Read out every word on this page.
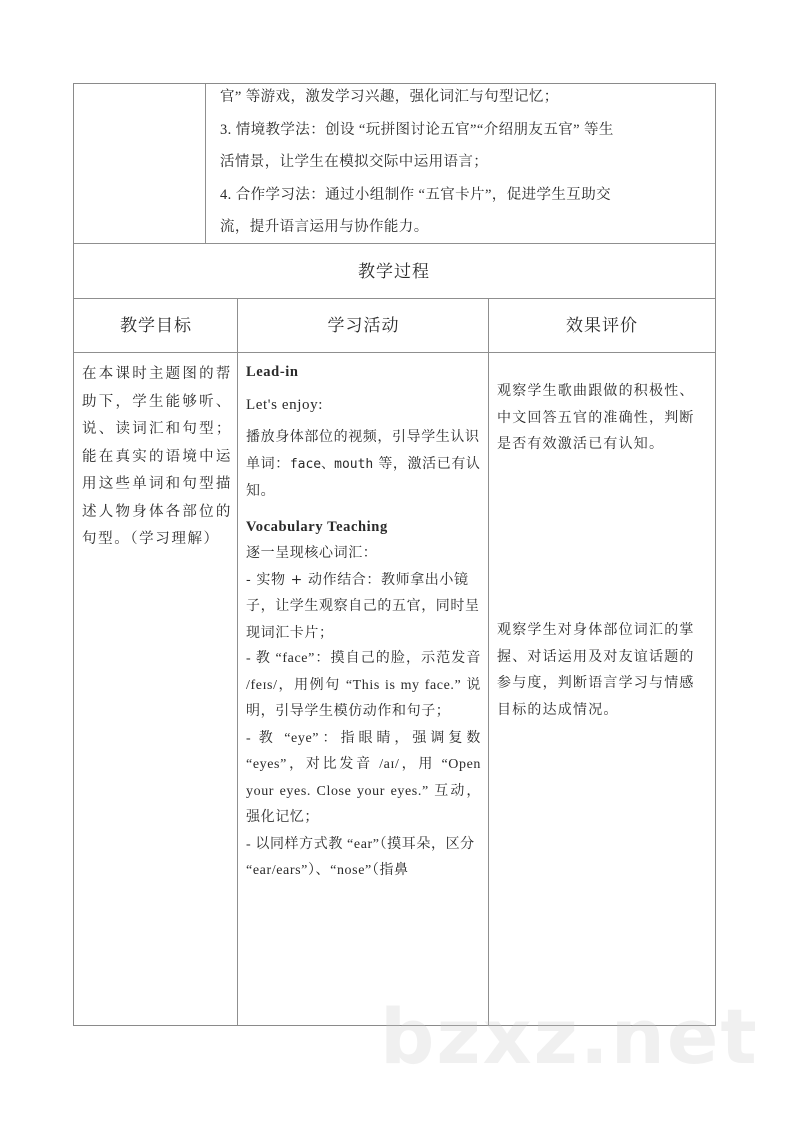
官” 等游戏，激发学习兴趣，强化词汇与句型记忆；

3. 情境教学法：创设 “玩拼图讨论五官”“介绍朋友五官” 等生

活情景，让学生在模拟交际中运用语言；

4. 合作学习法：通过小组制作 “五官卡片”，促进学生互助交

流，提升语言运用与协作能力。

教学过程
教学目标	学习活动	效果评价
在本课时主题图的帮助下，学生能够听、说、读词汇和句型；能在真实的语境中运用这些单词和句型描述人物身体各部位的句型。（学习理解）

Lead-in

Let's enjoy:

播放身体部位的视频，引导学生认识单词：face、mouth 等，激活已有认知。

Vocabulary Teaching

逐一呈现核心词汇：

- 实物 + 动作结合：教师拿出小镜子，让学生观察自己的五官，同时呈现词汇卡片；

- 教 “face”：摸自己的脸，示范发音 /feɪs/，用例句 “This is my face.” 说明，引导学生模仿动作和句子；

- 教 “eye”：指眼睛，强调复数 “eyes”，对比发音 /aɪ/，用 “Open your eyes. Close your eyes.” 互动，强化记忆；

- 以同样方式教 “ear”（摸耳朵，区分 “ear/ears”）、“nose”（指鼻

观察学生歌曲跟做的积极性、中文回答五官的准确性，判断是否有效激活已有认知。

观察学生对身体部位词汇的掌握、对话运用及对友谊话题的参与度，判断语言学习与情感目标的达成情况。

bzxz.net
